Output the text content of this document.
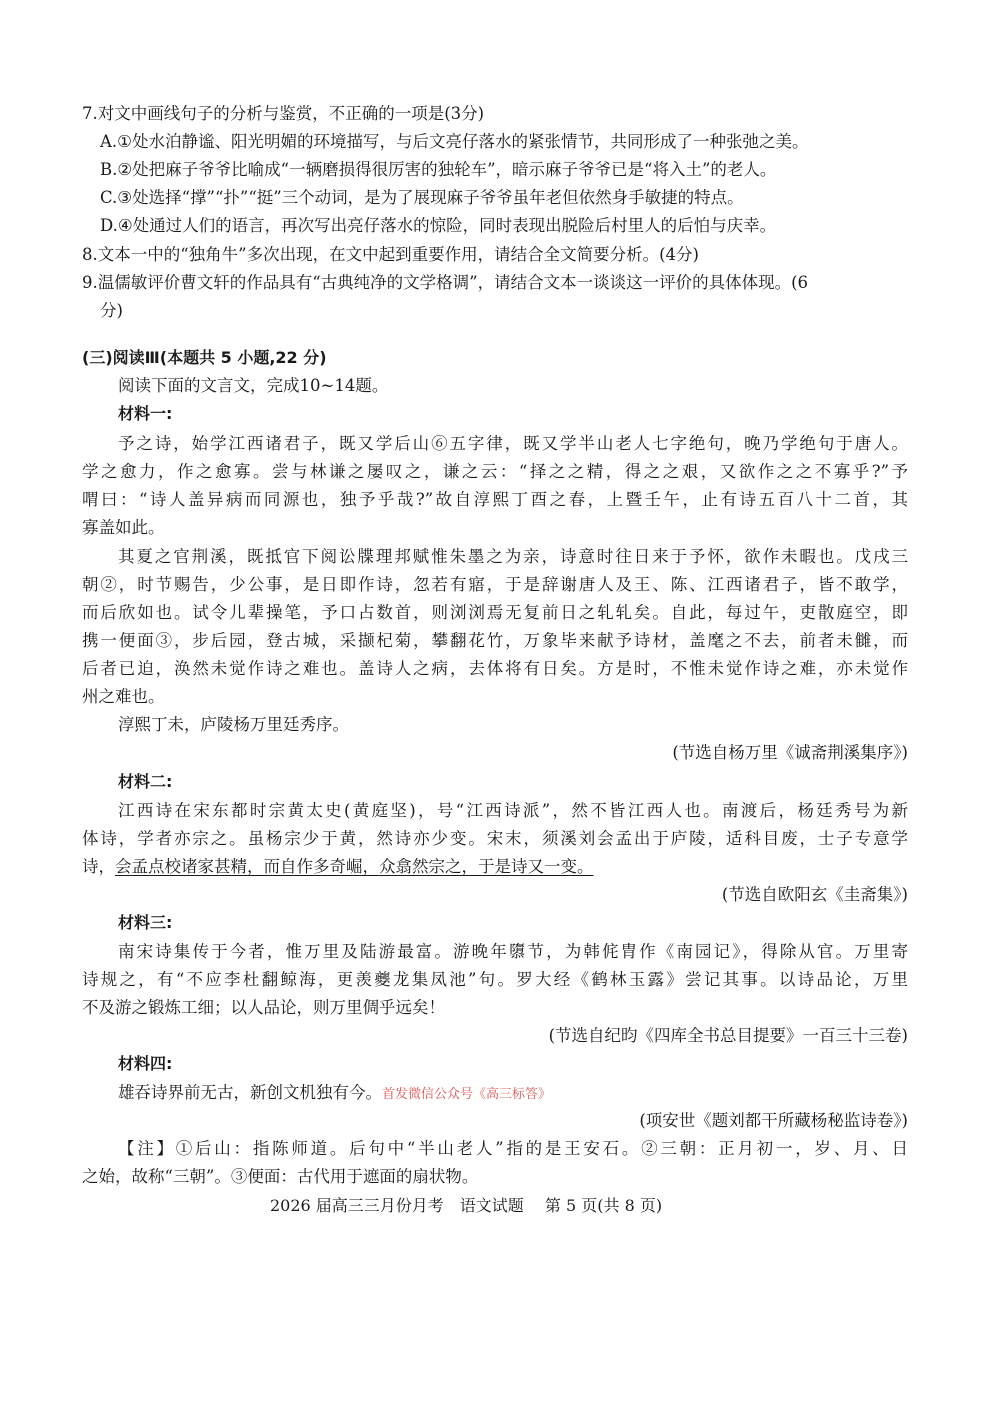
7.对文中画线句子的分析与鉴赏，不正确的一项是(3分)
A.①处水泊静谧、阳光明媚的环境描写，与后文亮仔落水的紧张情节，共同形成了一种张弛之美。
B.②处把麻子爷爷比喻成“一辆磨损得很厉害的独轮车”，暗示麻子爷爷已是“将入土”的老人。
C.③处选择“撑”“扑”“挺”三个动词，是为了展现麻子爷爷虽年老但依然身手敏捷的特点。
D.④处通过人们的语言，再次写出亮仔落水的惊险，同时表现出脱险后村里人的后怕与庆幸。
8.文本一中的“独角牛”多次出现，在文中起到重要作用，请结合全文简要分析。(4分)
9.温儒敏评价曹文轩的作品具有“古典纯净的文学格调”，请结合文本一谈谈这一评价的具体体现。(6
分)
(三)阅读Ⅲ(本题共 5 小题,22 分)
阅读下面的文言文，完成10~14题。
材料一:
予之诗，始学江西诸君子，既又学后山⑥五字律，既又学半山老人七字绝句，晚乃学绝句于唐人。
学之愈力，作之愈寡。尝与林谦之屡叹之，谦之云：“择之之精，得之之艰，又欲作之之不寡乎?”予
喟曰：“诗人盖异病而同源也，独予乎哉?”故自淳熙丁酉之春，上暨壬午，止有诗五百八十二首，其
寡盖如此。
其夏之官荆溪，既抵官下阅讼牒理邦赋惟朱墨之为亲，诗意时往日来于予怀，欲作未暇也。戊戌三
朝②，时节赐告，少公事，是日即作诗，忽若有寤，于是辞谢唐人及王、陈、江西诸君子，皆不敢学，
而后欣如也。试令儿辈操笔，予口占数首，则浏浏焉无复前日之轧轧矣。自此，每过午，吏散庭空，即
携一便面③，步后园，登古城，采撷杞菊，攀翻花竹，万象毕来献予诗材，盖麾之不去，前者未雠，而
后者已迫，涣然未觉作诗之难也。盖诗人之病，去体将有日矣。方是时，不惟未觉作诗之难，亦未觉作
州之难也。
淳熙丁未，庐陵杨万里廷秀序。
(节选自杨万里《诚斋荆溪集序》)
材料二:
江西诗在宋东都时宗黄太史(黄庭坚)，号“江西诗派”，然不皆江西人也。南渡后，杨廷秀号为新
体诗，学者亦宗之。虽杨宗少于黄，然诗亦少变。宋末，须溪刘会孟出于庐陵，适科目废，士子专意学
诗，会孟点校诸家甚精，而自作多奇崛，众翕然宗之，于是诗又一变。
(节选自欧阳玄《圭斋集》)
材料三:
南宋诗集传于今者，惟万里及陆游最富。游晚年隳节，为韩侂胄作《南园记》，得除从官。万里寄
诗规之，有“不应李杜翻鲸海，更羡夔龙集凤池”句。罗大经《鹤林玉露》尝记其事。以诗品论，万里
不及游之锻炼工细；以人品论，则万里倜乎远矣！
(节选自纪昀《四库全书总目提要》一百三十三卷)
材料四:
雄吞诗界前无古，新创文机独有今。首发微信公众号《高三标答》
(项安世《题刘都干所藏杨秘监诗卷》)
【注】①后山：指陈师道。后句中“半山老人”指的是王安石。②三朝：正月初一，岁、月、日
之始，故称“三朝”。③便面：古代用于遮面的扇状物。
2026 届高三三月份月考　语文试题　 第 5 页(共 8 页)
